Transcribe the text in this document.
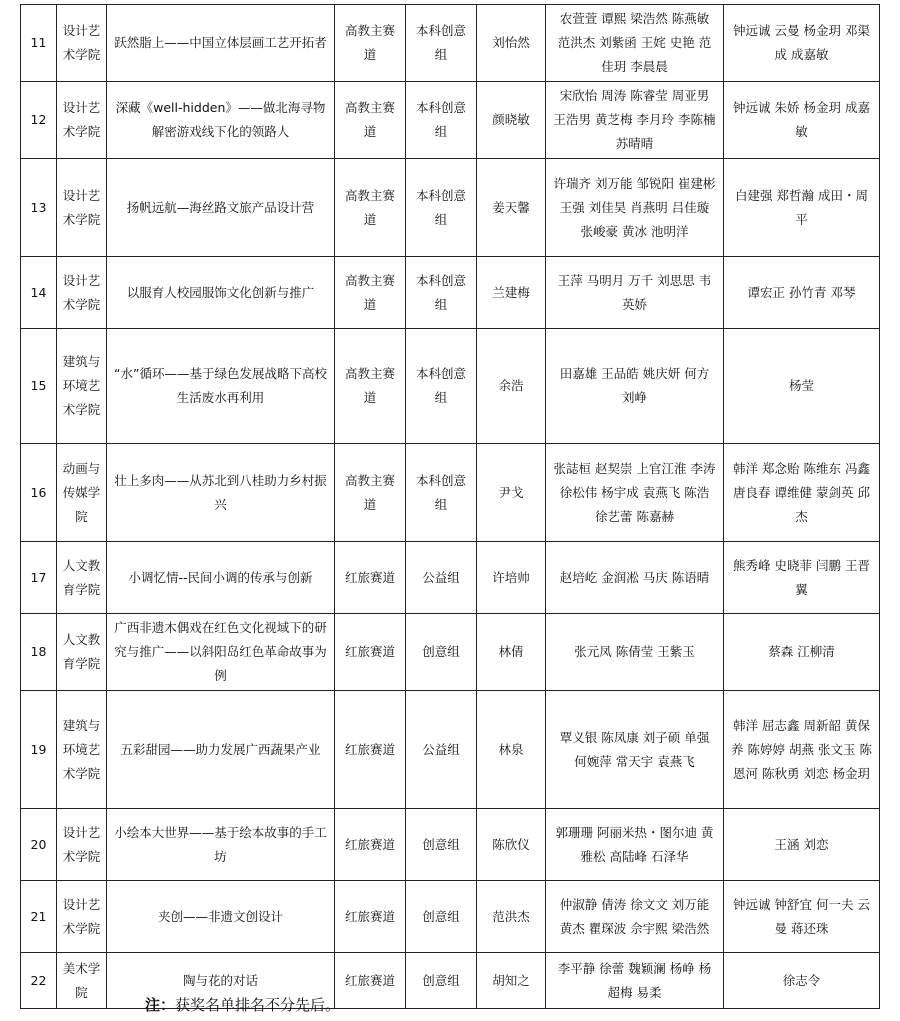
11	设计艺术学院	跃然脂上——中国立体层画工艺开拓者	高教主赛道	本科创意组	刘怡然	农萱萱 谭熙 梁浩然 陈燕敏 范洪杰 刘紫函 王姹 史艳 范佳玥 李晨晨	钟远诚 云曼 杨金玥 邓渠成 成嘉敏
12	设计艺术学院	深藏《well-hidden》——做北海寻物解密游戏线下化的领路人	高教主赛道	本科创意组	颜晓敏	宋欣怡 周涛 陈睿莹 周亚男 王浩男 黄芝梅 李月玲 李陈楠 苏晴晴	钟远诚 朱娇 杨金玥 成嘉敏
13	设计艺术学院	扬帆远航—海丝路文旅产品设计营	高教主赛道	本科创意组	姜天馨	许瑞齐 刘万能 邹锐阳 崔建彬 王强 刘佳昊 肖燕明 吕佳璇 张峻豪 黄冰 池明洋	白建强 郑哲瀚 成田・周平
14	设计艺术学院	以服育人校园服饰文化创新与推广	高教主赛道	本科创意组	兰建梅	王萍 马明月 万千 刘思思 韦英娇	谭宏正 孙竹青 邓琴
15	建筑与环境艺术学院	“水”循环——基于绿色发展战略下高校生活废水再利用	高教主赛道	本科创意组	余浩	田嘉雄 王品皓 姚庆妍 何方 刘峥	杨莹
16	动画与传媒学院	壮上多肉——从苏北到八桂助力乡村振兴	高教主赛道	本科创意组	尹戈	张誌桓 赵契崇 上官江淮 李涛 徐松伟 杨宇成 袁燕飞 陈浩 徐艺蕾 陈嘉赫	韩洋 郑念贻 陈维东 冯鑫 唐良春 谭维健 蒙剑英 邱杰
17	人文教育学院	小调忆情--民间小调的传承与创新	红旅赛道	公益组	许培帅	赵培屹 金润凇 马庆 陈语晴	熊秀峰 史晓菲 闫鹏 王晋翼
18	人文教育学院	广西非遗木偶戏在红色文化视域下的研究与推广——以斜阳岛红色革命故事为例	红旅赛道	创意组	林倩	张元凤 陈倩莹 王紫玉	蔡森 江柳清
19	建筑与环境艺术学院	五彩甜园——助力发展广西蔬果产业	红旅赛道	公益组	林泉	覃义银 陈凤康 刘子硕 单强 何婉萍 常天宇 袁燕飞	韩洋 屈志鑫 周新韶 黄保养 陈婷婷 胡燕 张文玉 陈恩河 陈秋勇 刘恋 杨金玥
20	设计艺术学院	小绘本大世界——基于绘本故事的手工坊	红旅赛道	创意组	陈欣仪	郭珊珊 阿丽米热・图尔迪 黄雅松 高陆峰 石泽华	王涵 刘恋
21	设计艺术学院	夹创——非遗文创设计	红旅赛道	创意组	范洪杰	仲淑静 倩涛 徐文文 刘万能 黄杰 瞿琛波 佘宇熙 梁浩然	钟远诚 钟舒宜 何一夫 云曼 蒋还珠
22	美术学院	陶与花的对话	红旅赛道	创意组	胡知之	李平静 徐蕾 魏颖澜 杨峥 杨超梅 易柔	徐志令
注：获奖名单排名不分先后。
